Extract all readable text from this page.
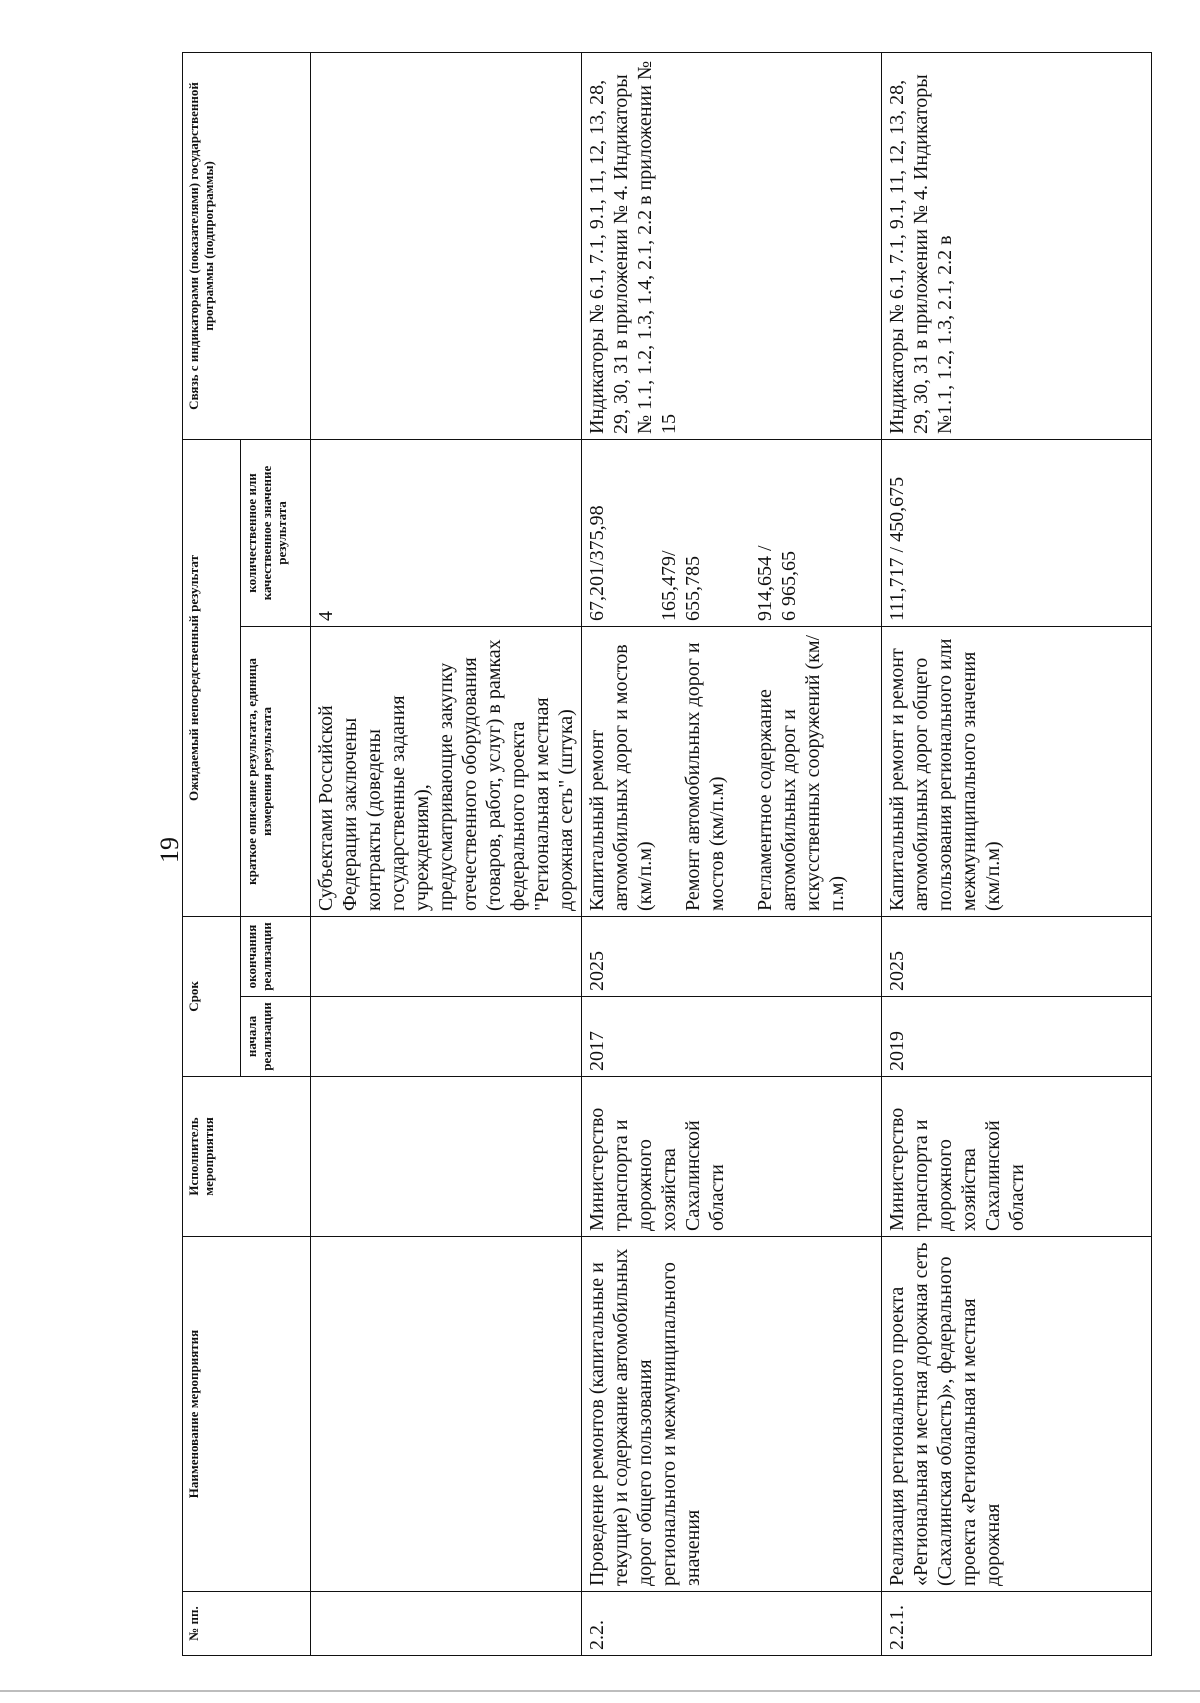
19
№ пп.	Наименование мероприятия	Исполнитель мероприятия	Срок		Ожидаемый непосредственный результат		Связь с индикаторами (показателями) государственной программы (подпрограммы)
			начала реализации	окончания реализации	краткое описание результата, единица измерения результата	количественное или качественное значение результата	
					Субъектами Российской Федерации заключены контракты (доведены государственные задания учреждениям), предусматривающие закупку отечественного оборудования (товаров, работ, услуг) в рамках федерального проекта "Региональная и местная дорожная сеть" (штука)	4	
2.2.	Проведение ремонтов (капитальные и текущие) и содержание автомобильных дорог общего пользования регионального и межмуниципального значения	Министерство транспорта и дорожного хозяйства Сахалинской области	2017	2025	Капитальный ремонт автомобильных дорог и мостов (км/п.м) Ремонт автомобильных дорог и мостов (км/п.м) Регламентное содержание автомобильных дорог и искусственных сооружений (км/п.м)	67,201/375,98 165,479/ 655,785 914,654 / 6 965,65	Индикаторы № 6.1, 7.1, 9.1, 11, 12, 13, 28, 29, 30, 31 в приложении № 4. Индикаторы № 1.1, 1.2, 1.3, 1.4, 2.1, 2.2 в приложении № 15
2.2.1.	Реализация регионального проекта «Региональная и местная дорожная сеть (Сахалинская область)», федерального проекта «Региональная и местная дорожная	Министерство транспорта и дорожного хозяйства Сахалинской области	2019	2025	Капитальный ремонт и ремонт автомобильных дорог общего пользования регионального или межмуниципального значения (км/п.м)	111,717 / 450,675	Индикаторы № 6.1, 7.1, 9.1, 11, 12, 13, 28, 29, 30, 31 в приложении № 4. Индикаторы №1.1, 1.2, 1.3, 2.1, 2.2 в
